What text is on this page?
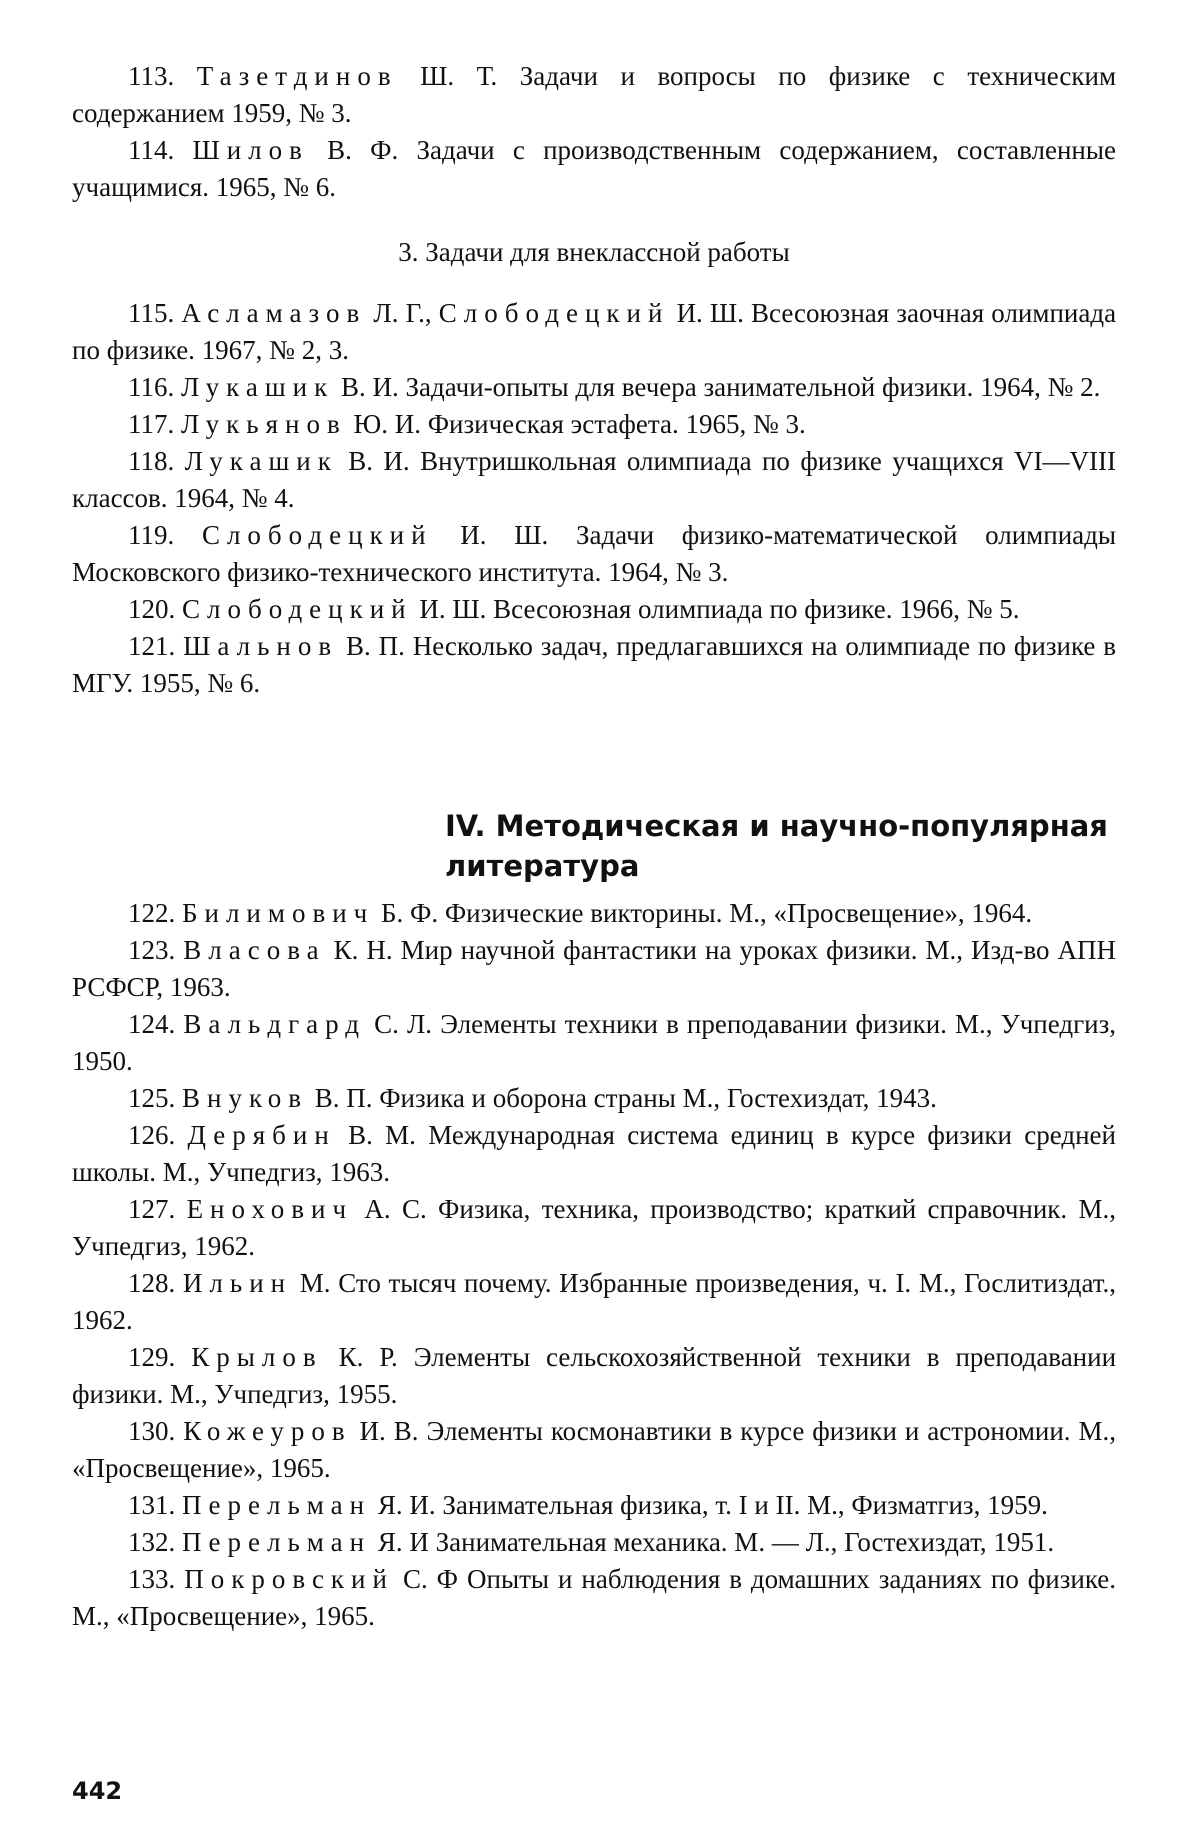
113. Тазетдинов Ш. Т. Задачи и вопросы по физике с техническим содержанием 1959, № 3.

114. Шилов В. Ф. Задачи с производственным содержанием, составленные учащимися. 1965, № 6.

3. Задачи для внеклассной работы

115. Асламазов Л. Г., Слободецкий И. Ш. Всесоюзная заочная олимпиада по физике. 1967, № 2, 3.

116. Лукашик В. И. Задачи-опыты для вечера занимательной физики. 1964, № 2.

117. Лукьянов Ю. И. Физическая эстафета. 1965, № 3.

118. Лукашик В. И. Внутришкольная олимпиада по физике учащихся VI—VIII классов. 1964, № 4.

119. Слободецкий И. Ш. Задачи физико-математической олимпиады Московского физико-технического института. 1964, № 3.

120. Слободецкий И. Ш. Всесоюзная олимпиада по физике. 1966, № 5.

121. Шальнов В. П. Несколько задач, предлагавшихся на олимпиаде по физике в МГУ. 1955, № 6.

IV. Методическая и научно-популярная
литература

122. Билимович Б. Ф. Физические викторины. М., «Просвещение», 1964.

123. Власова К. Н. Мир научной фантастики на уроках физики. М., Изд-во АПН РСФСР, 1963.

124. Вальдгард С. Л. Элементы техники в преподавании физики. М., Учпедгиз, 1950.

125. Внуков В. П. Физика и оборона страны М., Гостехиздат, 1943.

126. Дерябин В. М. Международная система единиц в курсе физики средней школы. М., Учпедгиз, 1963.

127. Енохович А. С. Физика, техника, производство; краткий справочник. М., Учпедгиз, 1962.

128. Ильин М. Сто тысяч почему. Избранные произведения, ч. I. М., Гослитиздат., 1962.

129. Крылов К. Р. Элементы сельскохозяйственной техники в преподавании физики. М., Учпедгиз, 1955.

130. Кожеуров И. В. Элементы космонавтики в курсе физики и астрономии. М., «Просвещение», 1965.

131. Перельман Я. И. Занимательная физика, т. I и II. М., Физматгиз, 1959.

132. Перельман Я. И Занимательная механика. М. — Л., Гостехиздат, 1951.

133. Покровский С. Ф Опыты и наблюдения в домашних заданиях по физике. М., «Просвещение», 1965.

442
